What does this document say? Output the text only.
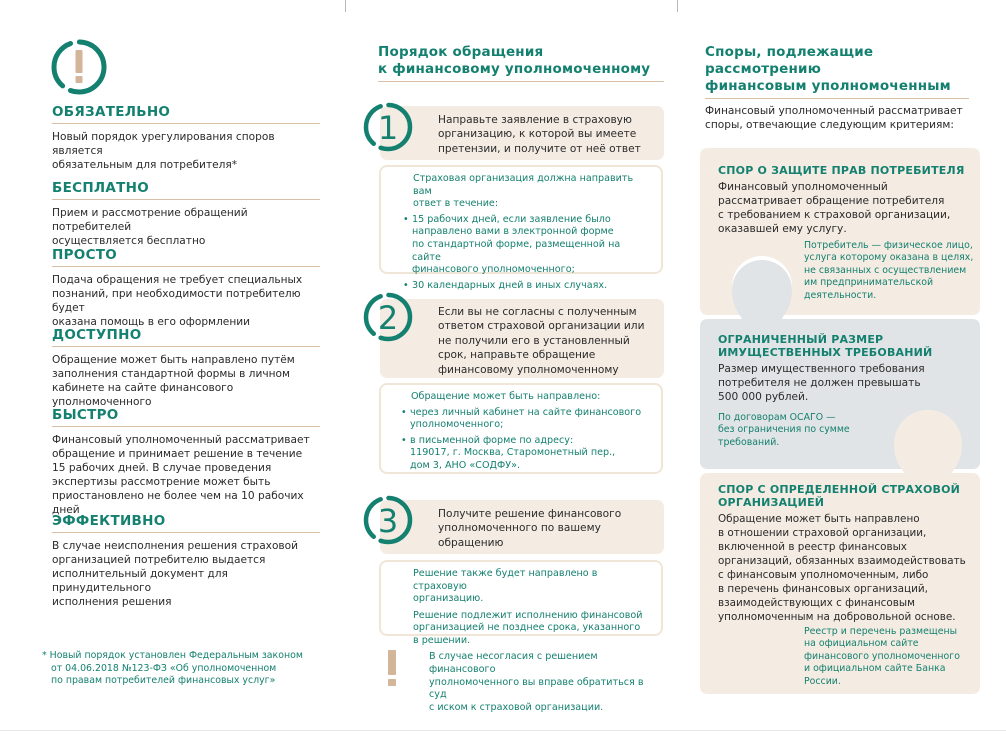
ОБЯЗАТЕЛЬНО

Новый порядок урегулирования споров является
обязательным для потребителя*

БЕСПЛАТНО

Прием и рассмотрение обращений потребителей
осуществляется бесплатно

ПРОСТО

Подача обращения не требует специальных
познаний, при необходимости потребителю будет
оказана помощь в его оформлении

ДОСТУПНО

Обращение может быть направлено путём
заполнения стандартной формы в личном
кабинете на сайте финансового уполномоченного

БЫСТРО

Финансовый уполномоченный рассматривает
обращение и принимает решение в течение
15 рабочих дней. В случае проведения
экспертизы рассмотрение может быть
приостановлено не более чем на 10 рабочих дней

ЭФФЕКТИВНО

В случае неисполнения решения страховой
организацией потребителю выдается
исполнительный документ для принудительного
исполнения решения

* Новый порядок установлен Федеральным законом
от 04.06.2018 №123-ФЗ «Об уполномоченном
по правам потребителей финансовых услуг»
Порядок обращения
к финансовому уполномоченному

Направьте заявление в страховую
организацию, к которой вы имеете
претензии, и получите от неё ответ

1

Страховая организация должна направить вам
ответ в течение:

• 15 рабочих дней, если заявление было
направлено вами в электронной форме
по стандартной форме, размещенной на сайте
финансового уполномоченного;
• 30 календарных дней в иных случаях.

Если вы не согласны с полученным
ответом страховой организации или
не получили его в установленный
срок, направьте обращение
финансовому уполномоченному

2

Обращение может быть направлено:

• через личный кабинет на сайте финансового
уполномоченного;
• в письменной форме по адресу:
119017, г. Москва, Старомонетный пер.,
дом 3, АНО «СОДФУ».

Получите решение финансового
уполномоченного по вашему
обращению

3

Решение также будет направлено в страховую
организацию.

Решение подлежит исполнению финансовой
организацией не позднее срока, указанного
в решении.

В случае несогласия с решением финансового
уполномоченного вы вправе обратиться в суд
с иском к страховой организации.
Споры, подлежащие рассмотрению
финансовым уполномоченным

Финансовый уполномоченный рассматривает
споры, отвечающие следующим критериям:

СПОР О ЗАЩИТЕ ПРАВ ПОТРЕБИТЕЛЯ

Финансовый уполномоченный
рассматривает обращение потребителя
с требованием к страховой организации,
оказавшей ему услугу.

Потребитель — физическое лицо,
услуга которому оказана в целях,
не связанных с осуществлением
им предпринимательской
деятельности.

ОГРАНИЧЕННЫЙ РАЗМЕР
ИМУЩЕСТВЕННЫХ ТРЕБОВАНИЙ

Размер имущественного требования
потребителя не должен превышать
500 000 рублей.

По договорам ОСАГО —
без ограничения по сумме
требований.

СПОР С ОПРЕДЕЛЕННОЙ СТРАХОВОЙ
ОРГАНИЗАЦИЕЙ

Обращение может быть направлено
в отношении страховой организации,
включенной в реестр финансовых
организаций, обязанных взаимодействовать
с финансовым уполномоченным, либо
в перечень финансовых организаций,
взаимодействующих с финансовым
уполномоченным на добровольной основе.

Реестр и перечень размещены
на официальном сайте
финансового уполномоченного
и официальном сайте Банка
России.
